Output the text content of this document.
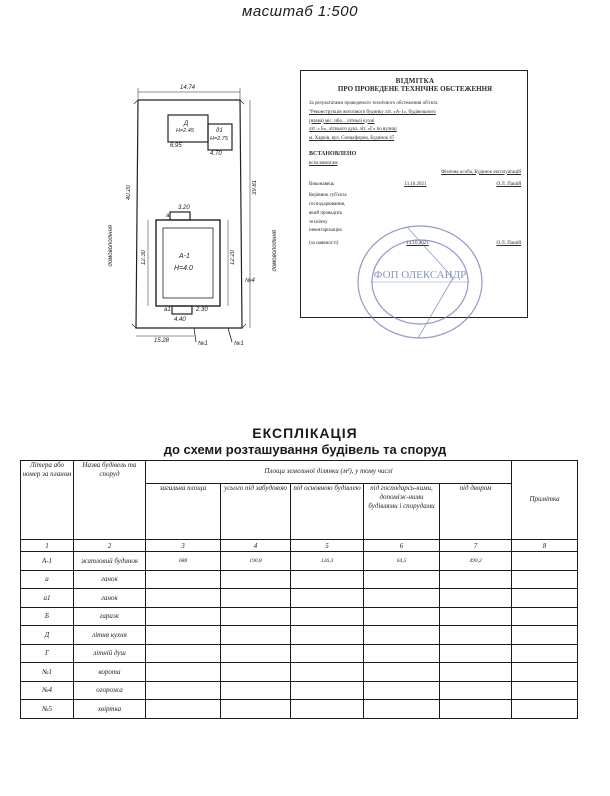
масштаб 1:500
14.74
40.20	39.81
домоволодіння	домоволодіння
15.28
6.95
4.70
3.20
2.30
4.40
12.30	12.20
Д
Н=2.45	д1
Н=2.75
А-1
Н=4.0
а
а1
№1	№1
№4
ВІДМІТКА
ПРО ПРОВЕДЕНЕ ТЕХНІЧНЕ ОБСТЕЖЕННЯ
За результатами проведеного технічного обстеження об'єкта
"Реконструкція житлового будинку літ. «А-1», будівельного
(назва) міс. ибо... літньої кухні
літ. « Б», літнього душ. літ. «Г» по вулиці
м. Харків, вул. Сонцефорна, Будинок 47
ВСТАНОВЛЕНО
всім вимогам
Фізична особа, Будинок експлуатацій
Виконавець	13.10.2021	О.Л. Пашій
Керівник суб'єкта
господарювання,
який провадить
технічну
інвентаризацію
(за наявності)	13.10.2021	О.Л. Пашій
ФОП ОЛЕКСАНДР
ЕКСПЛІКАЦІЯ
до схеми розташування будівель та споруд
Літера або номер за планом	Назва будівель та споруд	Площа земельної ділянки (м²), у тому числі					Примітка
		загальна площа	усього під забудовою	під основною будівлею	під господарсь-кими, допоміж-ними будівлями і спорудами	під двором	
1	2	3	4	5	6	7	8
А-1	житловий будинок	688	190,8	126,3	64,5	499,2	
а	ганок						
а1	ганок						
Б	гараж						
Д	літня кухня						
Г	літній душ						
№1	ворота						
№4	огорожа						
№5	хвіртка						
